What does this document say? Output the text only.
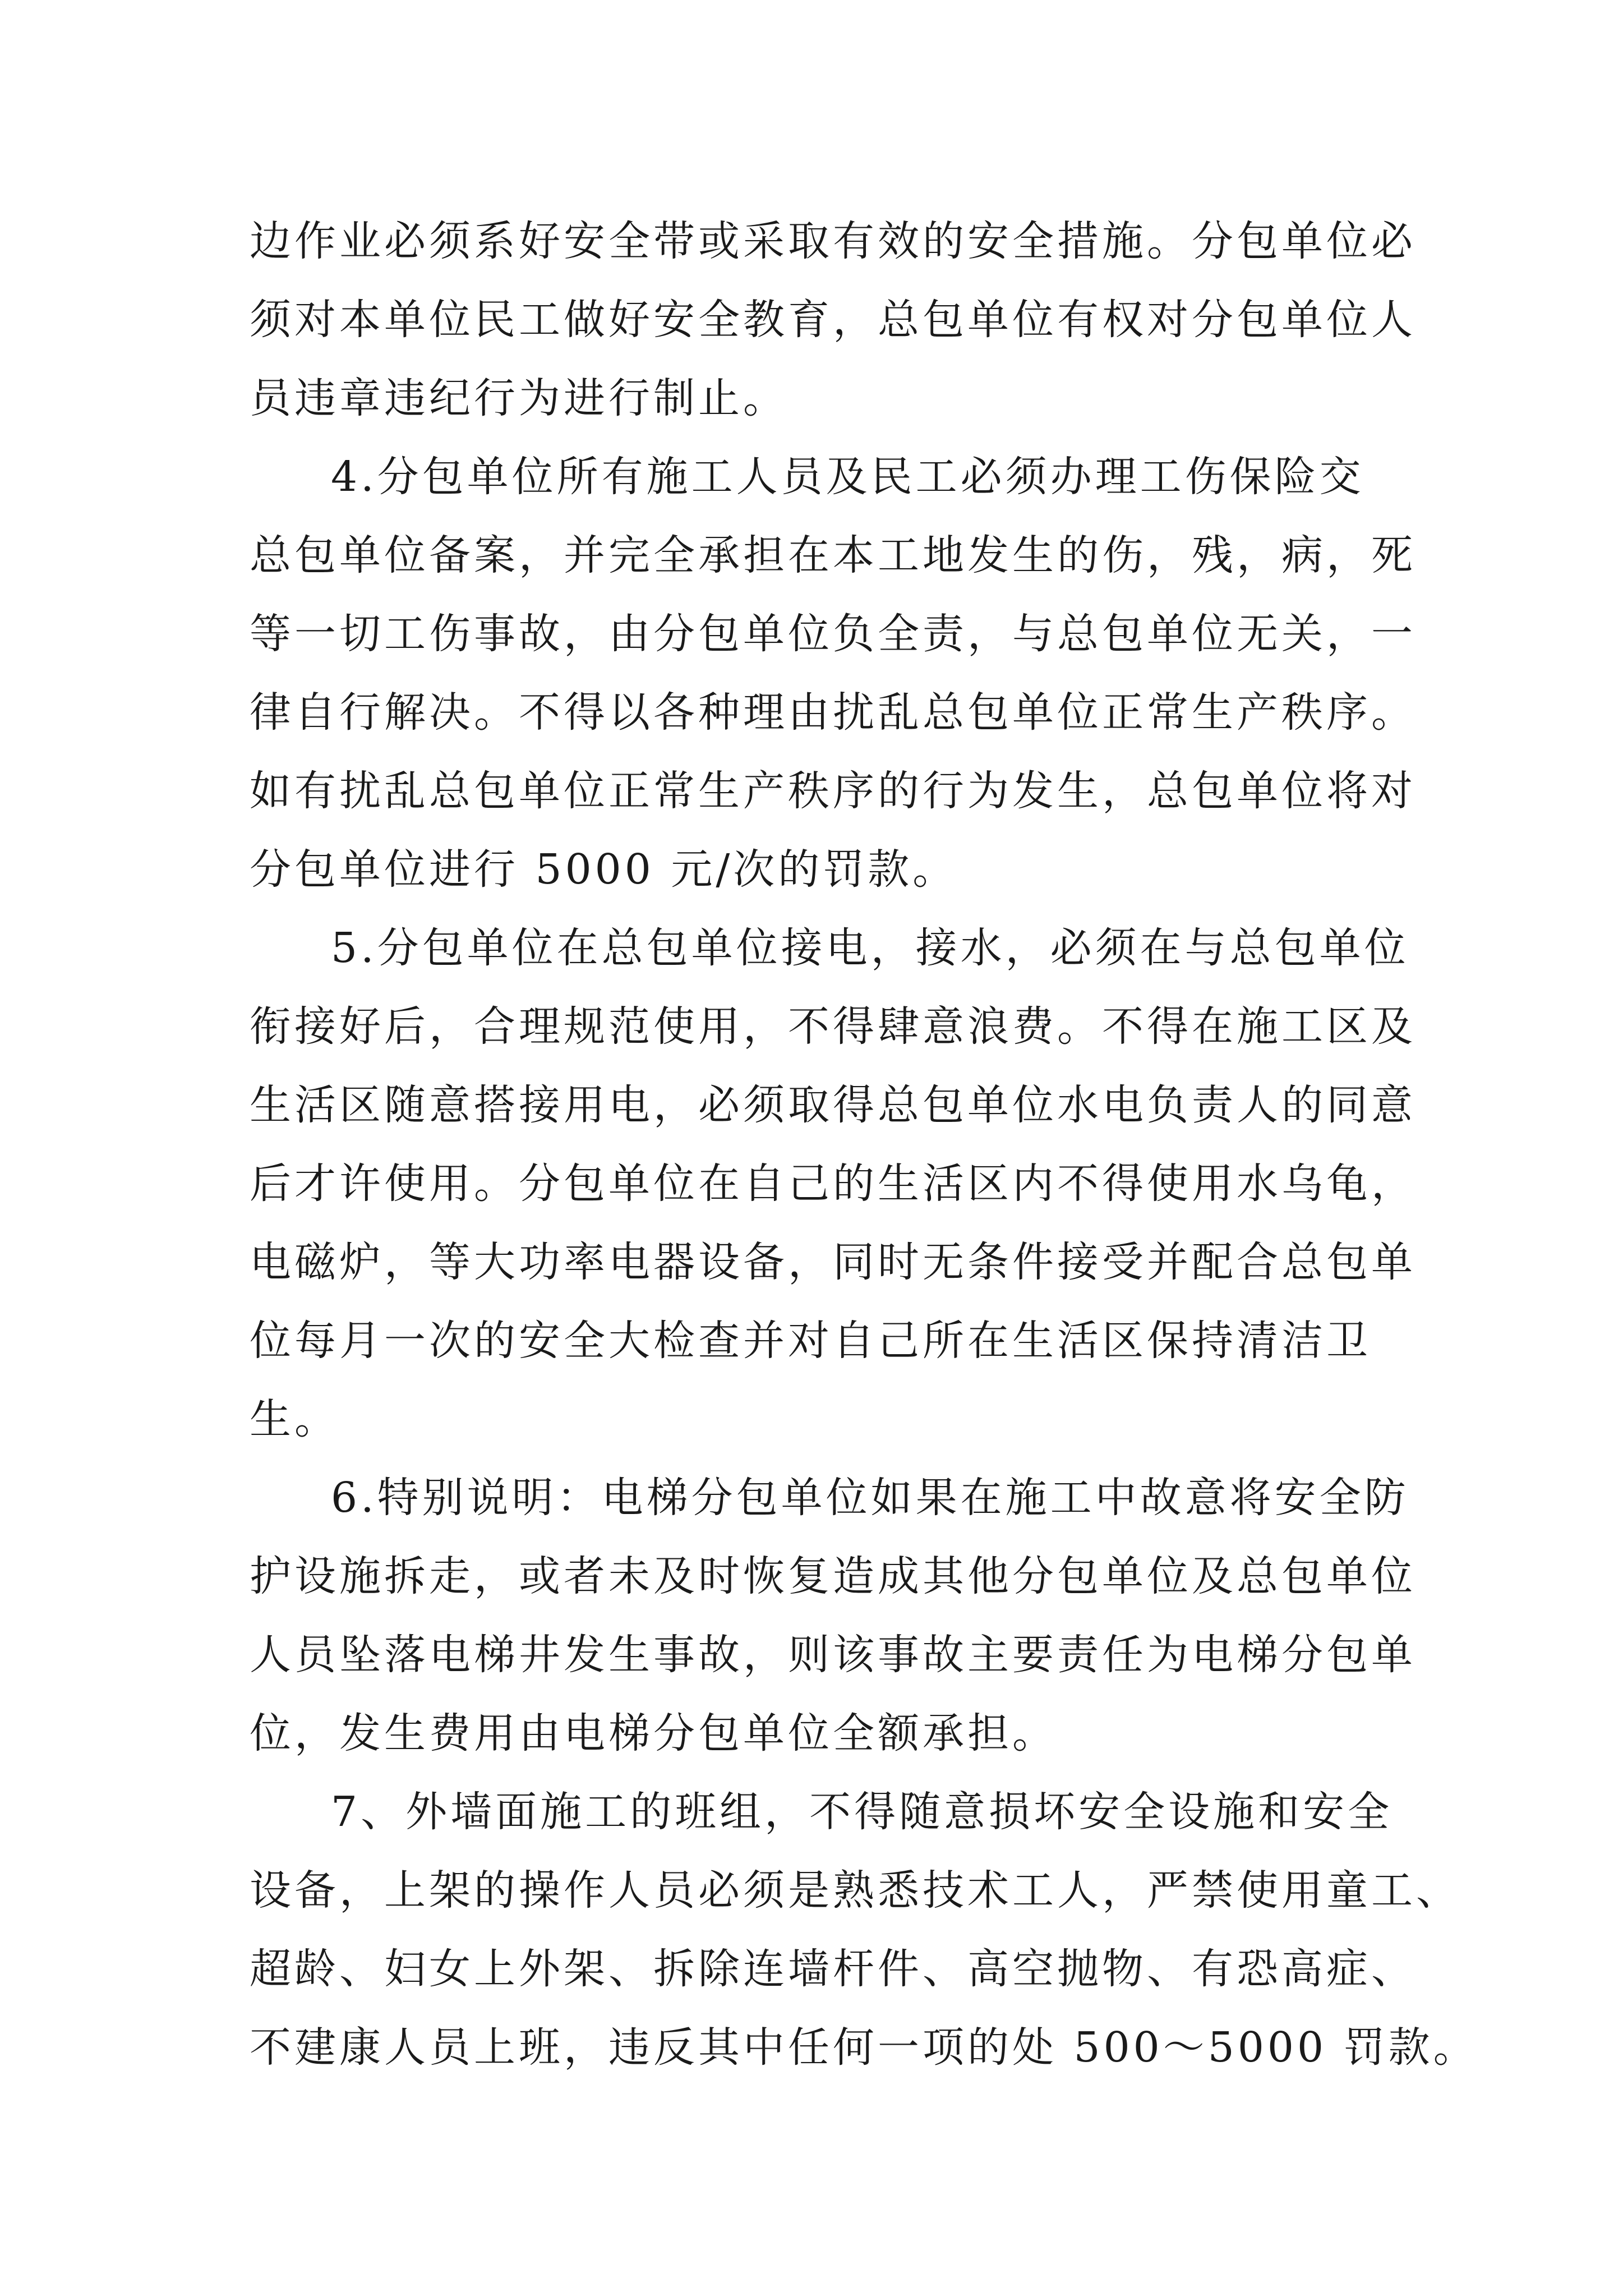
边作业必须系好安全带或采取有效的安全措施。分包单位必
须对本单位民工做好安全教育，总包单位有权对分包单位人
员违章违纪行为进行制止。
4.分包单位所有施工人员及民工必须办理工伤保险交
总包单位备案，并完全承担在本工地发生的伤，残，病，死
等一切工伤事故，由分包单位负全责，与总包单位无关，一
律自行解决。不得以各种理由扰乱总包单位正常生产秩序。
如有扰乱总包单位正常生产秩序的行为发生，总包单位将对
分包单位进行 5000 元/次的罚款。
5.分包单位在总包单位接电，接水，必须在与总包单位
衔接好后，合理规范使用，不得肆意浪费。不得在施工区及
生活区随意搭接用电，必须取得总包单位水电负责人的同意
后才许使用。分包单位在自己的生活区内不得使用水乌龟，
电磁炉，等大功率电器设备，同时无条件接受并配合总包单
位每月一次的安全大检查并对自己所在生活区保持清洁卫
生。
6.特别说明：电梯分包单位如果在施工中故意将安全防
护设施拆走，或者未及时恢复造成其他分包单位及总包单位
人员坠落电梯井发生事故，则该事故主要责任为电梯分包单
位，发生费用由电梯分包单位全额承担。
7、外墙面施工的班组，不得随意损坏安全设施和安全
设备，上架的操作人员必须是熟悉技术工人，严禁使用童工、
超龄、妇女上外架、拆除连墙杆件、高空抛物、有恐高症、
不建康人员上班，违反其中任何一项的处 500～5000 罚款。
